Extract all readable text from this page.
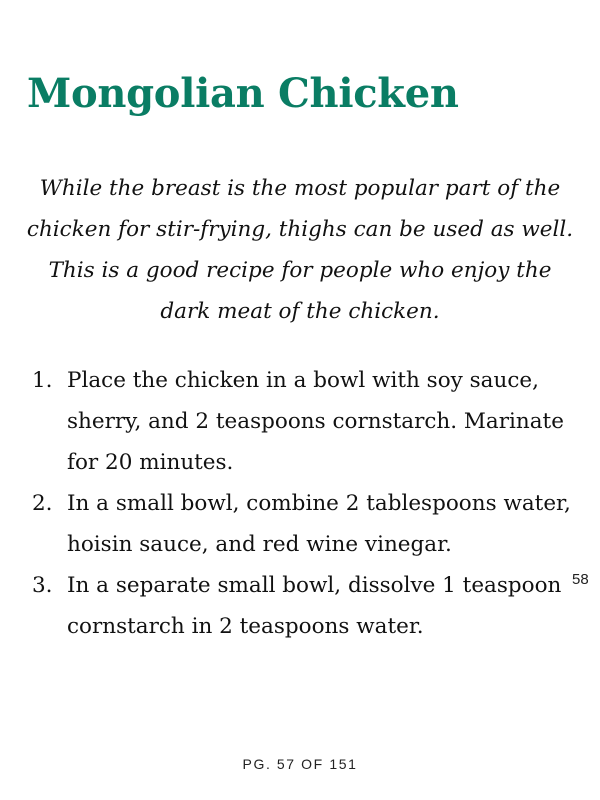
Mongolian Chicken

While the breast is the most popular part of the chicken for stir-frying, thighs can be used as well. This is a good recipe for people who enjoy the dark meat of the chicken.

1. Place the chicken in a bowl with soy sauce, sherry, and 2 teaspoons cornstarch. Marinate for 20 minutes.
2. In a small bowl, combine 2 tablespoons water, hoisin sauce, and red wine vinegar.
3. In a separate small bowl, dissolve 1 teaspoon cornstarch in 2 teaspoons water.
58
PG. 57 OF 151
